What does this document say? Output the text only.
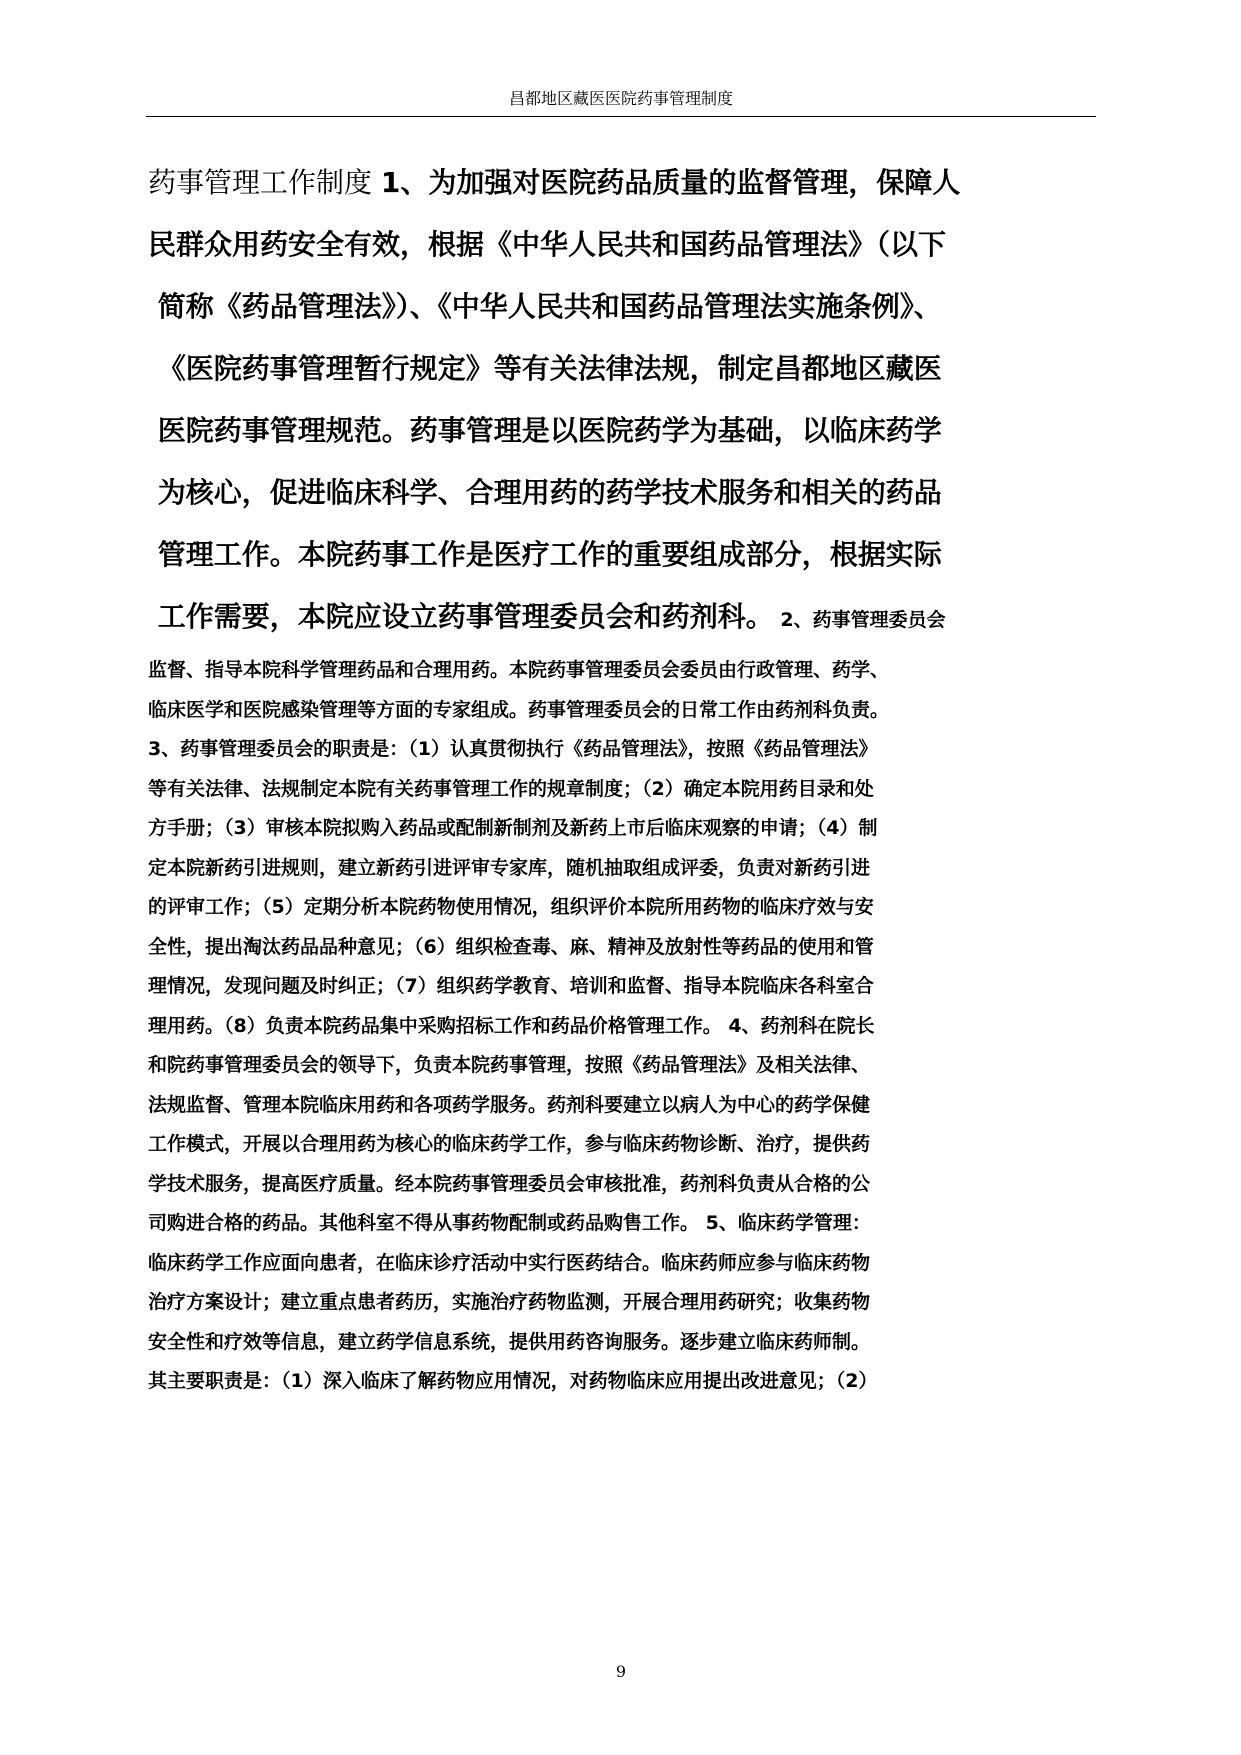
昌都地区藏医医院药事管理制度

药事管理工作制度 1、为加强对医院药品质量的监督管理，保障人
民群众用药安全有效，根据《中华人民共和国药品管理法》（以下
简称《药品管理法》）、《中华人民共和国药品管理法实施条例》、
《医院药事管理暂行规定》等有关法律法规，制定昌都地区藏医
医院药事管理规范。药事管理是以医院药学为基础，以临床药学
为核心，促进临床科学、合理用药的药学技术服务和相关的药品
管理工作。本院药事工作是医疗工作的重要组成部分，根据实际
工作需要，本院应设立药事管理委员会和药剂科。 2、药事管理委员会

监督、指导本院科学管理药品和合理用药。本院药事管理委员会委员由行政管理、药学、
临床医学和医院感染管理等方面的专家组成。药事管理委员会的日常工作由药剂科负责。
3、药事管理委员会的职责是：（1）认真贯彻执行《药品管理法》，按照《药品管理法》
等有关法律、法规制定本院有关药事管理工作的规章制度；（2）确定本院用药目录和处
方手册；（3）审核本院拟购入药品或配制新制剂及新药上市后临床观察的申请；（4）制
定本院新药引进规则，建立新药引进评审专家库，随机抽取组成评委，负责对新药引进
的评审工作；（5）定期分析本院药物使用情况，组织评价本院所用药物的临床疗效与安
全性，提出淘汰药品品种意见；（6）组织检查毒、麻、精神及放射性等药品的使用和管
理情况，发现问题及时纠正；（7）组织药学教育、培训和监督、指导本院临床各科室合
理用药。（8）负责本院药品集中采购招标工作和药品价格管理工作。 4、药剂科在院长
和院药事管理委员会的领导下，负责本院药事管理，按照《药品管理法》及相关法律、
法规监督、管理本院临床用药和各项药学服务。药剂科要建立以病人为中心的药学保健
工作模式，开展以合理用药为核心的临床药学工作，参与临床药物诊断、治疗，提供药
学技术服务，提高医疗质量。经本院药事管理委员会审核批准，药剂科负责从合格的公
司购进合格的药品。其他科室不得从事药物配制或药品购售工作。 5、临床药学管理：
临床药学工作应面向患者，在临床诊疗活动中实行医药结合。临床药师应参与临床药物
治疗方案设计；建立重点患者药历，实施治疗药物监测，开展合理用药研究；收集药物
安全性和疗效等信息，建立药学信息系统，提供用药咨询服务。逐步建立临床药师制。
其主要职责是：（1）深入临床了解药物应用情况，对药物临床应用提出改进意见；（2）

9
